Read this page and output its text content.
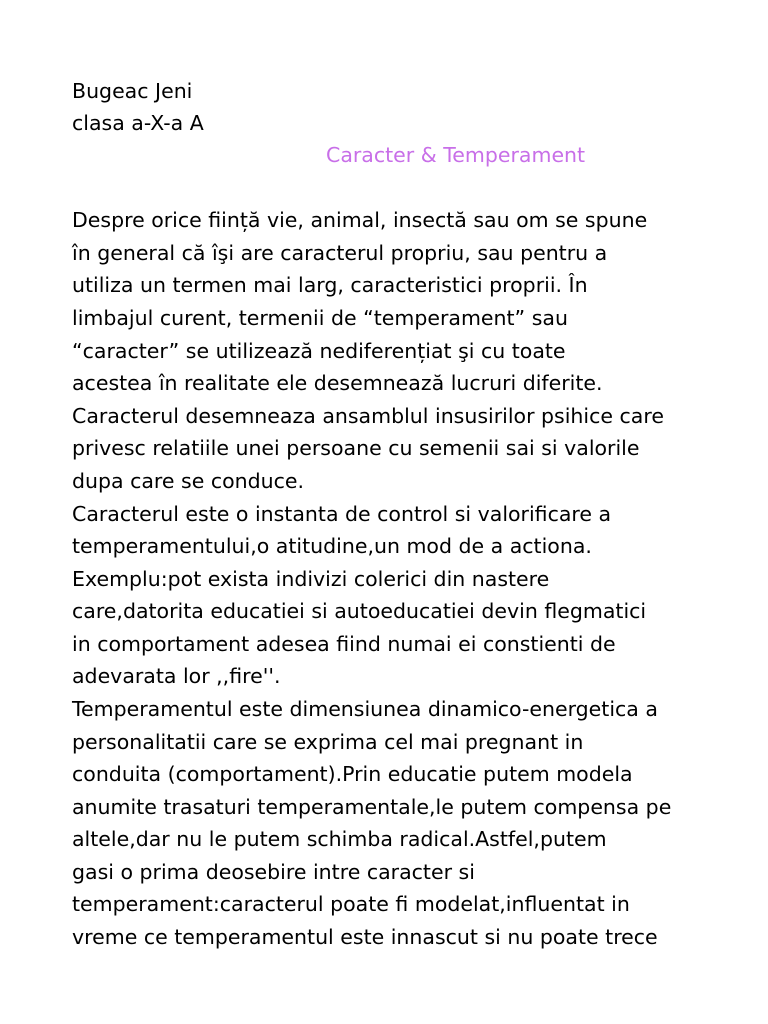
Bugeac Jeni
clasa a-X-a A
Caracter & Temperament
Despre orice ființă vie, animal, insectă sau om se spune
în general că îşi are caracterul propriu, sau pentru a
utiliza un termen mai larg, caracteristici proprii. În
limbajul curent, termenii de “temperament” sau
“caracter” se utilizează nediferențiat şi cu toate
acestea în realitate ele desemnează lucruri diferite.
Caracterul desemneaza ansamblul insusirilor psihice care
privesc relatiile unei persoane cu semenii sai si valorile
dupa care se conduce.
Caracterul este o instanta de control si valorificare a
temperamentului,o atitudine,un mod de a actiona.
Exemplu:pot exista indivizi colerici din nastere
care,datorita educatiei si autoeducatiei devin flegmatici
in comportament adesea fiind numai ei constienti de
adevarata lor ,,fire''.
Temperamentul este dimensiunea dinamico-energetica a
personalitatii care se exprima cel mai pregnant in
conduita (comportament).Prin educatie putem modela
anumite trasaturi temperamentale,le putem compensa pe
altele,dar nu le putem schimba radical.Astfel,putem
gasi o prima deosebire intre caracter si
temperament:caracterul poate fi modelat,influentat in
vreme ce temperamentul este innascut si nu poate trece
